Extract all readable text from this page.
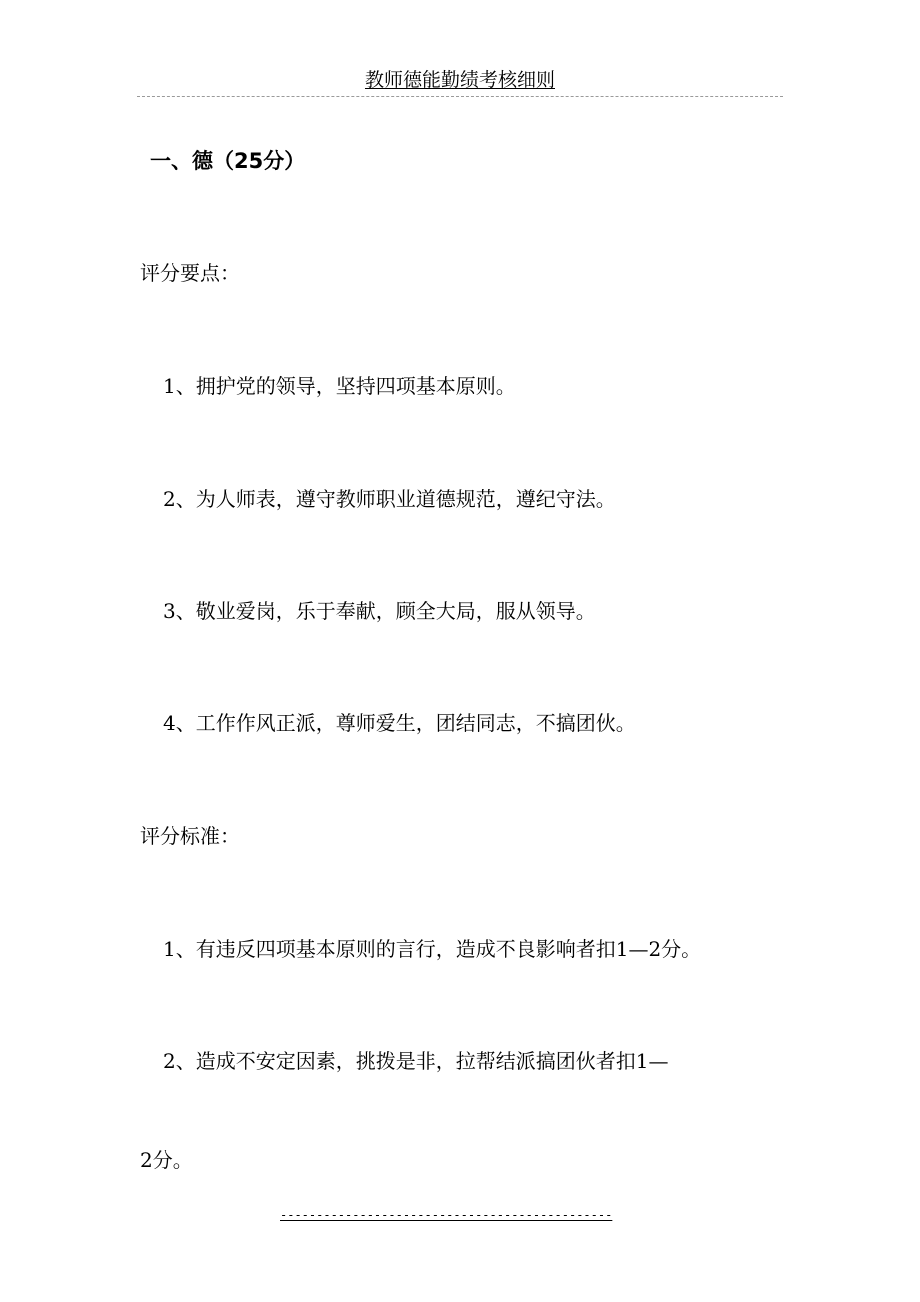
教师德能勤绩考核细则
一、德（25分）
评分要点：
1、拥护党的领导，坚持四项基本原则。
2、为人师表，遵守教师职业道德规范，遵纪守法。
3、敬业爱岗，乐于奉献，顾全大局，服从领导。
4、工作作风正派，尊师爱生，团结同志，不搞团伙。
评分标准：
1、有违反四项基本原则的言行，造成不良影响者扣1—2分。
2、造成不安定因素，挑拨是非，拉帮结派搞团伙者扣1—
2分。
----------------------------------------------
